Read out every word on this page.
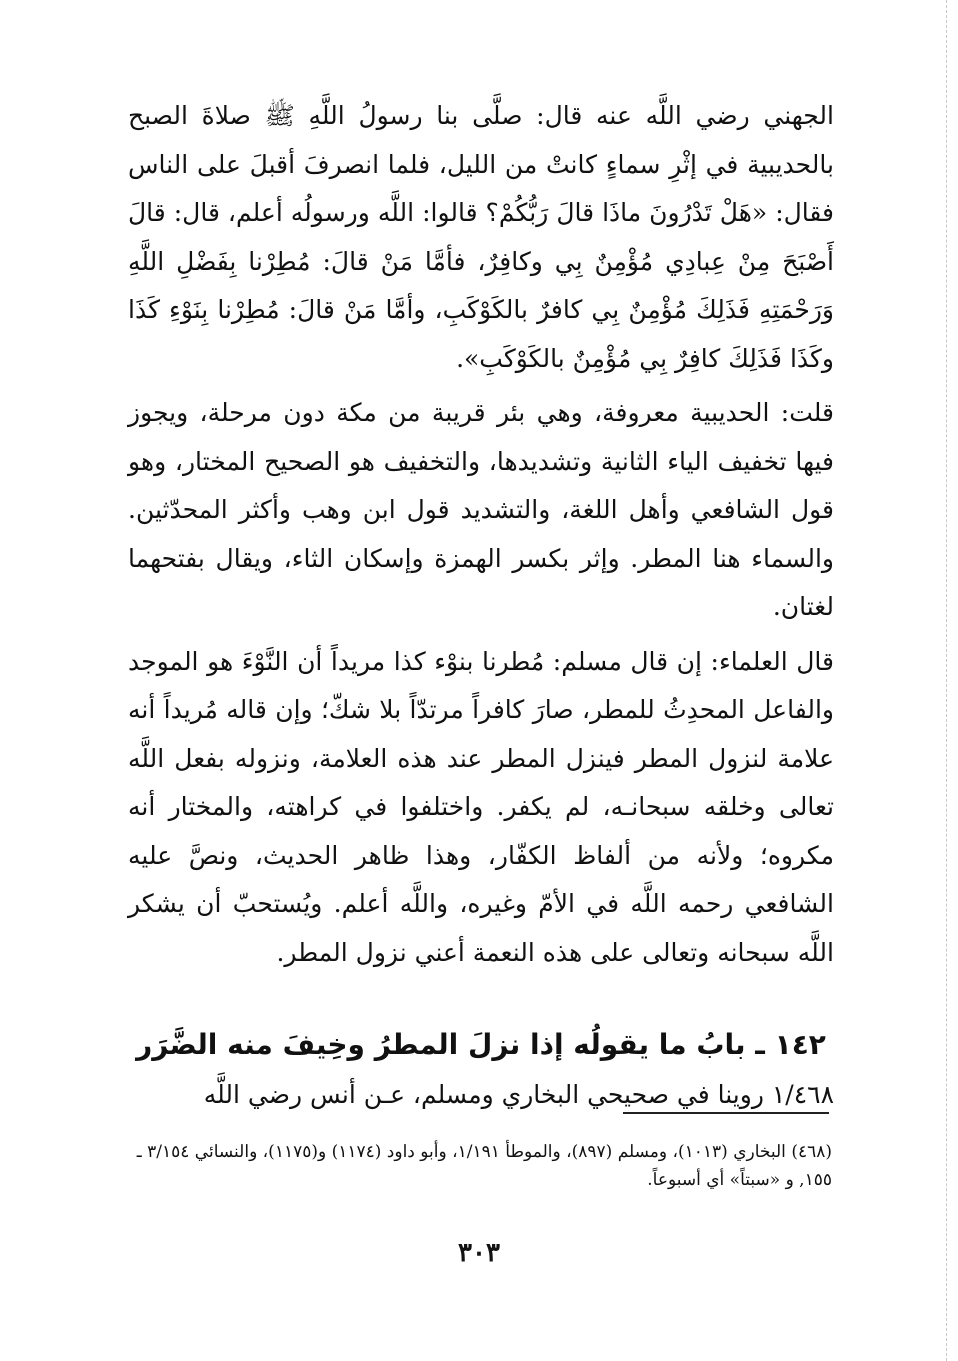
الجهني رضي اللَّه عنه قال: صلَّى بنا رسولُ اللَّهِ ﷺ صلاةَ الصبح بالحديبية في إثْرِ سماءٍ كانتْ من الليل، فلما انصرفَ أقبلَ على الناس فقال: «هَلْ تَدْرُونَ ماذَا قالَ رَبُّكُمْ؟ قالوا: اللَّه ورسولُه أعلم، قال: قالَ أَصْبَحَ مِنْ عِبادِي مُؤْمِنٌ بِي وكافِرٌ، فأمَّا مَنْ قالَ: مُطِرْنا بِفَضْلِ اللَّهِ وَرَحْمَتِهِ فَذَلِكَ مُؤْمِنٌ بِي كافرٌ بالكَوْكَبِ، وأمَّا مَنْ قالَ: مُطِرْنا بِنَوْءِ كَذَا وكَذَا فَذَلِكَ كافِرٌ بِي مُؤْمِنٌ بالكَوْكَبِ».

قلت: الحديبية معروفة، وهي بئر قريبة من مكة دون مرحلة، ويجوز فيها تخفيف الياء الثانية وتشديدها، والتخفيف هو الصحيح المختار، وهو قول الشافعي وأهل اللغة، والتشديد قول ابن وهب وأكثر المحدّثين. والسماء هنا المطر. وإثر بكسر الهمزة وإسكان الثاء، ويقال بفتحهما لغتان.

قال العلماء: إن قال مسلم: مُطرنا بنوْء كذا مريداً أن النَّوْءَ هو الموجد والفاعل المحدِثُ للمطر، صارَ كافراً مرتدّاً بلا شكّ؛ وإن قاله مُريداً أنه علامة لنزول المطر فينزل المطر عند هذه العلامة، ونزوله بفعل اللَّه تعالى وخلقه سبحانـه، لم يكفر. واختلفوا في كراهته، والمختار أنه مكروه؛ ولأنه من ألفاظ الكفّار، وهذا ظاهر الحديث، ونصَّ عليه الشافعي رحمه اللَّه في الأمّ وغيره، واللَّه أعلم. ويُستحبّ أن يشكر اللَّه سبحانه وتعالى على هذه النعمة أعني نزول المطر.

١٤٢ ـ بابُ ما يقولُه إذا نزلَ المطرُ وخِيفَ منه الضَّرَر

١/٤٦٨ روينا في صحيحي البخاري ومسلم، عـن أنس رضي اللَّه

(٤٦٨) البخاري (١٠١٣)، ومسلم (٨٩٧)، والموطأ ١/١٩١، وأبو داود (١١٧٤) و(١١٧٥)، والنسائي ٣/١٥٤ ـ ١٥٥, و «سبتاً» أي أسبوعاً.
٣٠٣
